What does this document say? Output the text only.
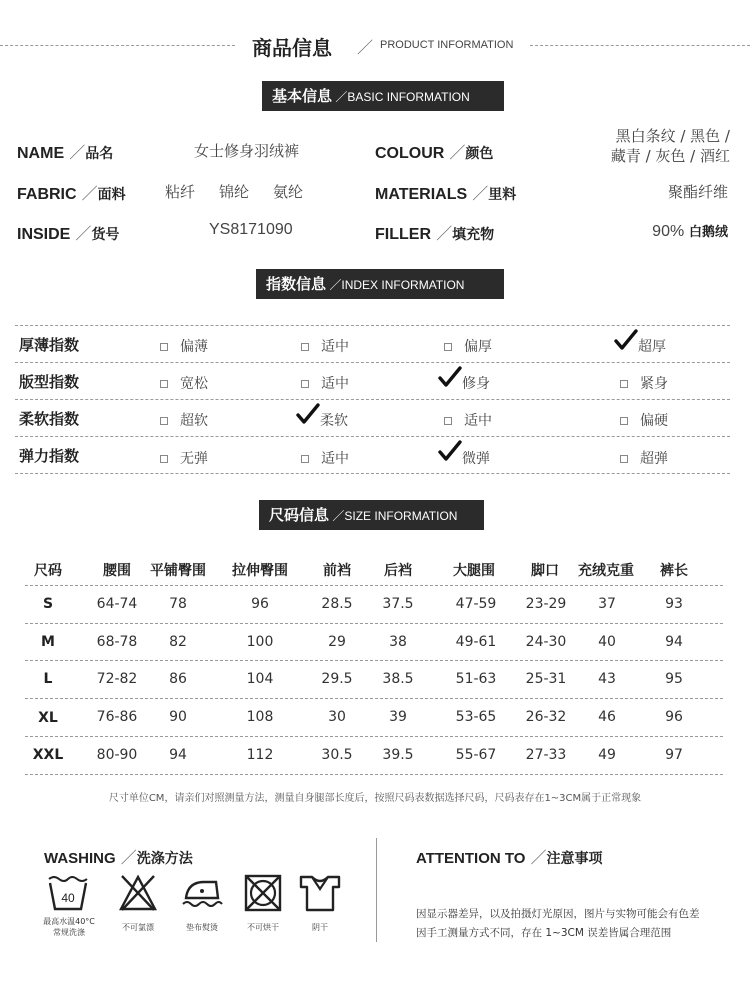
商品信息 ／ PRODUCT INFORMATION
基本信息 ／BASIC INFORMATION
NAME ／品名	女士修身羽绒裤	COLOUR ／颜色
黑白条纹 / 黑色 /
藏青 / 灰色 / 酒红
FABRIC ／面料	粘纤 锦纶 氨纶	MATERIALS ／里料	聚酯纤维
INSIDE ／货号	YS8171090	FILLER ／填充物	90% 白鹅绒
指数信息 ／INDEX INFORMATION
厚薄指数	偏薄	适中	偏厚	超厚
版型指数	宽松	适中	修身	紧身
柔软指数	超软	柔软	适中	偏硬
弹力指数	无弹	适中	微弹	超弹
尺码信息 ／SIZE INFORMATION
尺码	腰围	平铺臀围	拉伸臀围	前裆	后裆	大腿围	脚口	充绒克重	裤长
S	64-74	78	96	28.5	37.5	47-59	23-29	37	93
M	68-78	82	100	29	38	49-61	24-30	40	94
L	72-82	86	104	29.5	38.5	51-63	25-31	43	95
XL	76-86	90	108	30	39	53-65	26-32	46	96
XXL	80-90	94	112	30.5	39.5	55-67	27-33	49	97
尺寸单位CM，请亲们对照测量方法，测量自身腿部长度后，按照尺码表数据选择尺码，尺码表存在1~3CM属于正常现象
WASHING ／洗涤方法
40
最高水温40°C
常规洗涤
不可氯漂	垫布熨烫	不可烘干	阴干
ATTENTION TO ／注意事项
因显示器差异，以及拍摄灯光原因，图片与实物可能会有色差
因手工测量方式不同，存在 1~3CM 误差皆属合理范围
